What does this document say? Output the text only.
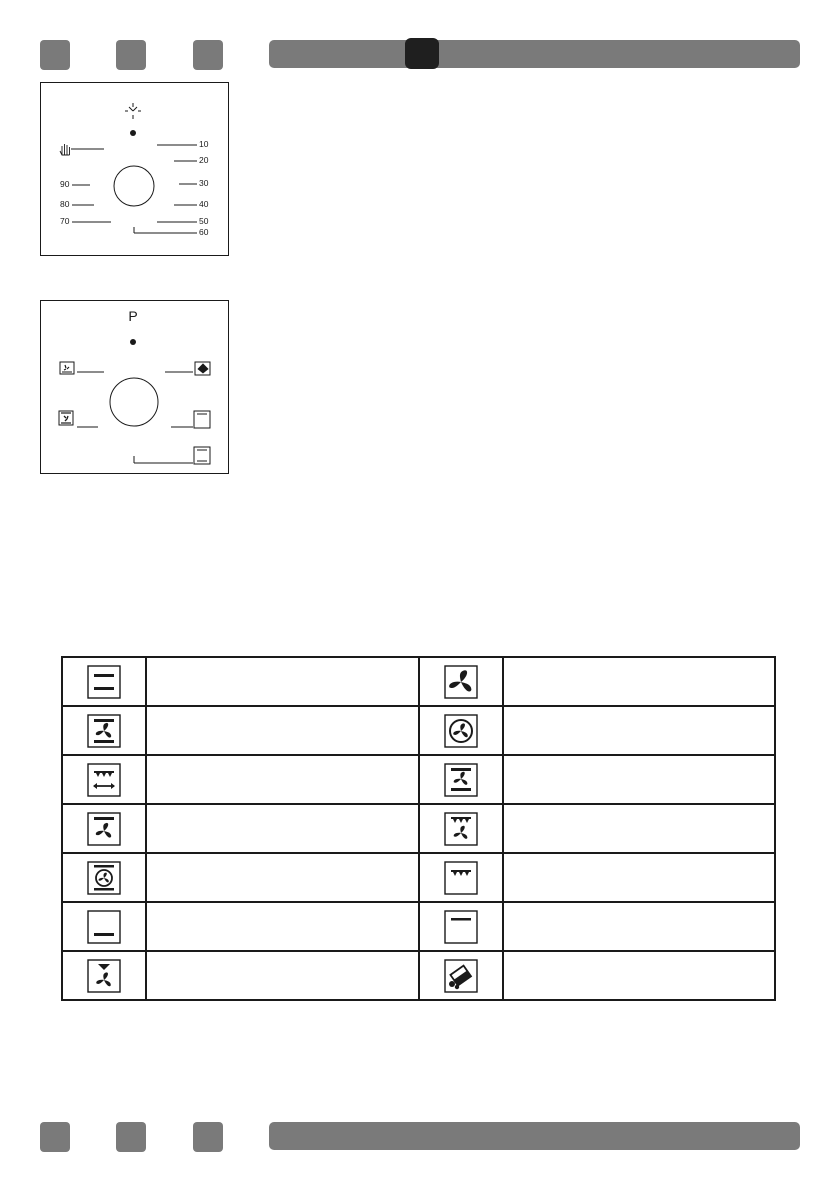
10
20
30
40
50
60
70
80
90
P
